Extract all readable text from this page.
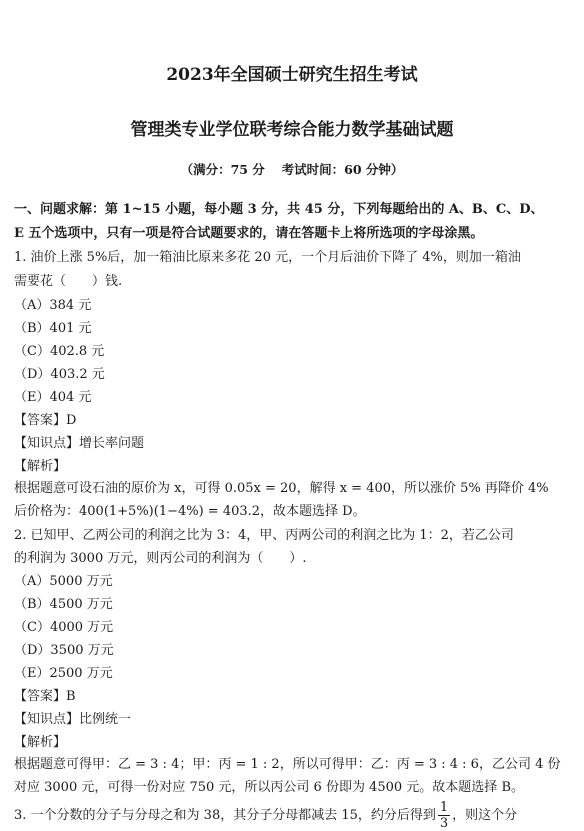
2023年全国硕士研究生招生考试
管理类专业学位联考综合能力数学基础试题
（满分：75 分　 考试时间：60 分钟）
一、问题求解：第 1~15 小题，每小题 3 分，共 45 分，下列每题给出的 A、B、C、D、
E 五个选项中，只有一项是符合试题要求的，请在答题卡上将所选项的字母涂黑。
1. 油价上涨 5%后，加一箱油比原来多花 20 元，一个月后油价下降了 4%，则加一箱油
需要花（　　）钱.
（A）384 元
（B）401 元
（C）402.8 元
（D）403.2 元
（E）404 元
【答案】D
【知识点】增长率问题
【解析】
根据题意可设石油的原价为 x，可得 0.05x = 20，解得 x = 400，所以涨价 5% 再降价 4%
后价格为：400(1+5%)(1−4%) = 403.2，故本题选择 D。
2. 已知甲、乙两公司的利润之比为 3：4，甲、丙两公司的利润之比为 1：2，若乙公司
的利润为 3000 万元，则丙公司的利润为（　　）.
（A）5000 万元
（B）4500 万元
（C）4000 万元
（D）3500 万元
（E）2500 万元
【答案】B
【知识点】比例统一
【解析】
根据题意可得甲：乙 = 3 : 4；甲：丙 = 1 : 2，所以可得甲：乙：丙 = 3 : 4 : 6，乙公司 4 份
对应 3000 元，可得一份对应 750 元，所以丙公司 6 份即为 4500 元。故本题选择 B。
3. 一个分数的分子与分母之和为 38，其分子分母都减去 15，约分后得到 $\frac{1}{3}$ ，则这个分
